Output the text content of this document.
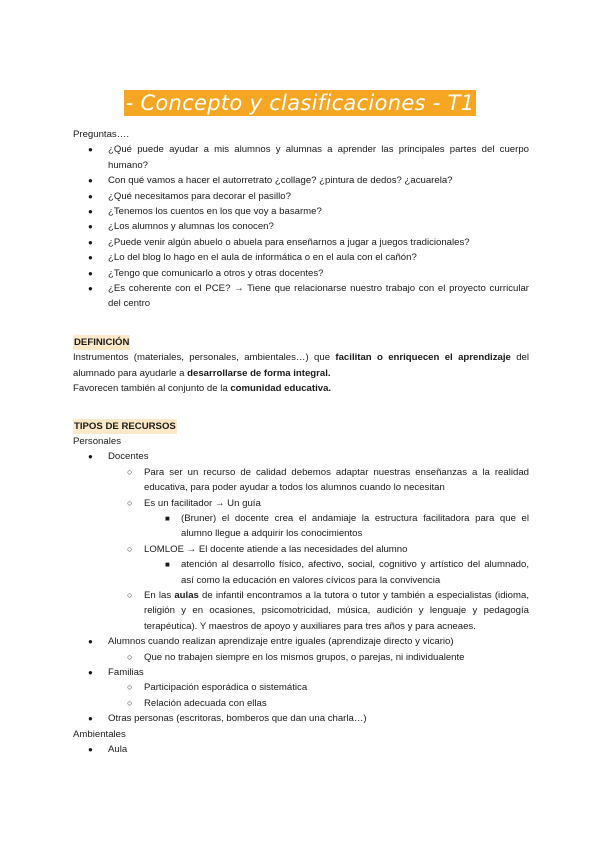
- Concepto y clasificaciones - T1

Preguntas….

● ¿Qué puede ayudar a mis alumnos y alumnas a aprender las principales partes del cuerpo humano?
● Con qué vamos a hacer el autorretrato ¿collage? ¿pintura de dedos? ¿acuarela?
● ¿Qué necesitamos para decorar el pasillo?
● ¿Tenemos los cuentos en los que voy a basarme?
● ¿Los alumnos y alumnas los conocen?
● ¿Puede venir algún abuelo o abuela para enseñarnos a jugar a juegos tradicionales?
● ¿Lo del blog lo hago en el aula de informática o en el aula con el cañón?
● ¿Tengo que comunicarlo a otros y otras docentes?
● ¿Es coherente con el PCE? → Tiene que relacionarse nuestro trabajo con el proyecto curricular del centro
DEFINICIÓN

Instrumentos (materiales, personales, ambientales…) que facilitan o enriquecen el aprendizaje del alumnado para ayudarle a desarrollarse de forma integral.

Favorecen también al conjunto de la comunidad educativa.

TIPOS DE RECURSOS

Personales

● Docentes
○ Para ser un recurso de calidad debemos adaptar nuestras enseñanzas a la realidad educativa, para poder ayudar a todos los alumnos cuando lo necesitan
○ Es un facilitador → Un guía
■ (Bruner) el docente crea el andamiaje la estructura facilitadora para que el alumno llegue a adquirir los conocimientos
○ LOMLOE → El docente atiende a las necesidades del alumno
■ atención al desarrollo físico, afectivo, social, cognitivo y artístico del alumnado, así como la educación en valores cívicos para la convivencia
○ En las aulas de infantil encontramos a la tutora o tutor y también a especialistas (idioma, religión y en ocasiones, psicomotricidad, música, audición y lenguaje y pedagogía terapéutica). Y maestros de apoyo y auxiliares para tres años y para acneaes.
● Alumnos cuando realizan aprendizaje entre iguales (aprendizaje directo y vicario)
○ Que no trabajen siempre en los mismos grupos, o parejas, ni individualente
● Familias
○ Participación esporádica o sistemática
○ Relación adecuada con ellas
● Otras personas (escritoras, bomberos que dan una charla…)

Ambientales

● Aula
